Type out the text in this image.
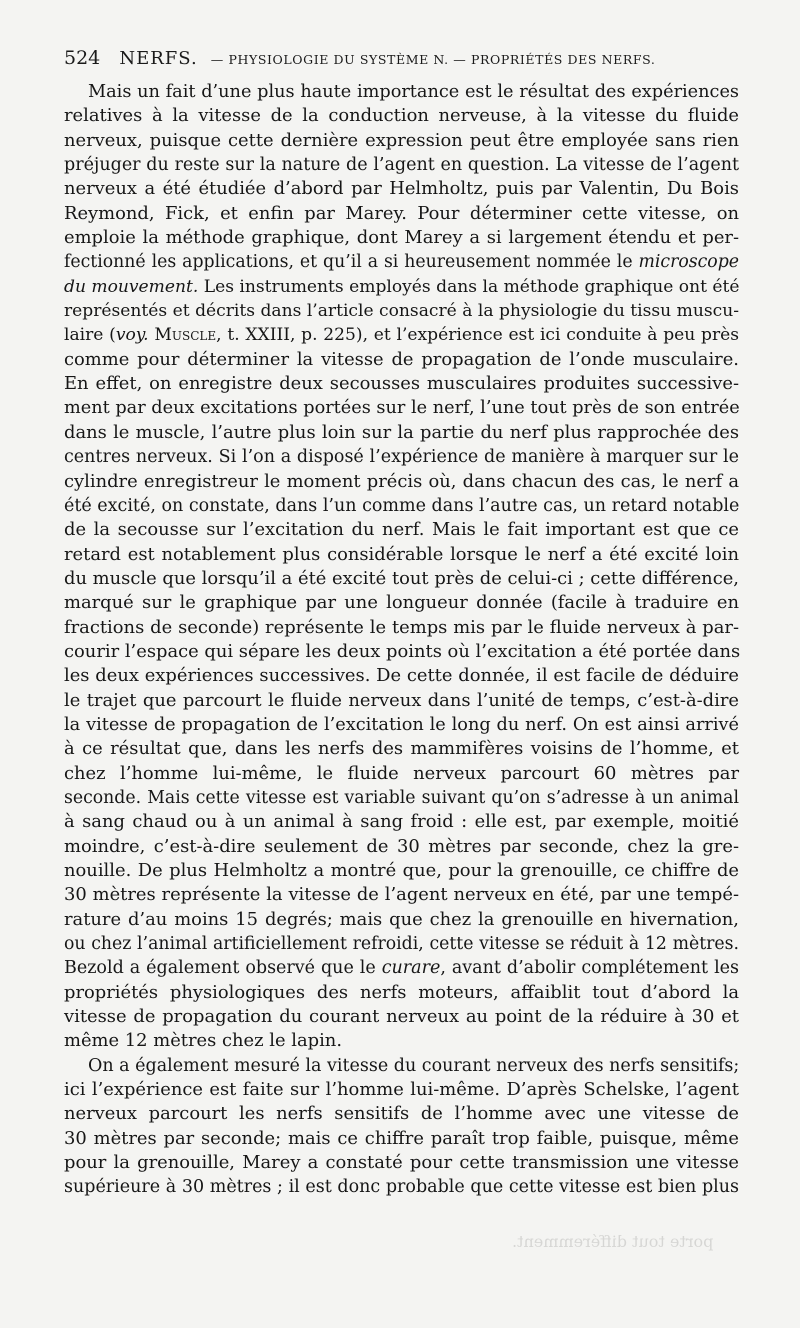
524 NERFS. — PHYSIOLOGIE DU SYSTÈME N. — PROPRIÉTÉS DES NERFS.
Mais un fait d’une plus haute importance est le résultat des expériences
relatives à la vitesse de la conduction nerveuse, à la vitesse du fluide
nerveux, puisque cette dernière expression peut être employée sans rien
préjuger du reste sur la nature de l’agent en question. La vitesse de l’agent
nerveux a été étudiée d’abord par Helmholtz, puis par Valentin, Du Bois
Reymond, Fick, et enfin par Marey. Pour déterminer cette vitesse, on
emploie la méthode graphique, dont Marey a si largement étendu et per-
fectionné les applications, et qu’il a si heureusement nommée le microscope
du mouvement. Les instruments employés dans la méthode graphique ont été
représentés et décrits dans l’article consacré à la physiologie du tissu muscu-
laire (voy. Muscle, t. XXIII, p. 225), et l’expérience est ici conduite à peu près
comme pour déterminer la vitesse de propagation de l’onde musculaire.
En effet, on enregistre deux secousses musculaires produites successive-
ment par deux excitations portées sur le nerf, l’une tout près de son entrée
dans le muscle, l’autre plus loin sur la partie du nerf plus rapprochée des
centres nerveux. Si l’on a disposé l’expérience de manière à marquer sur le
cylindre enregistreur le moment précis où, dans chacun des cas, le nerf a
été excité, on constate, dans l’un comme dans l’autre cas, un retard notable
de la secousse sur l’excitation du nerf. Mais le fait important est que ce
retard est notablement plus considérable lorsque le nerf a été excité loin
du muscle que lorsqu’il a été excité tout près de celui-ci ; cette différence,
marqué sur le graphique par une longueur donnée (facile à traduire en
fractions de seconde) représente le temps mis par le fluide nerveux à par-
courir l’espace qui sépare les deux points où l’excitation a été portée dans
les deux expériences successives. De cette donnée, il est facile de déduire
le trajet que parcourt le fluide nerveux dans l’unité de temps, c’est-à-dire
la vitesse de propagation de l’excitation le long du nerf. On est ainsi arrivé
à ce résultat que, dans les nerfs des mammifères voisins de l’homme, et
chez l’homme lui-même, le fluide nerveux parcourt 60 mètres par
seconde. Mais cette vitesse est variable suivant qu’on s’adresse à un animal
à sang chaud ou à un animal à sang froid : elle est, par exemple, moitié
moindre, c’est-à-dire seulement de 30 mètres par seconde, chez la gre-
nouille. De plus Helmholtz a montré que, pour la grenouille, ce chiffre de
30 mètres représente la vitesse de l’agent nerveux en été, par une tempé-
rature d’au moins 15 degrés; mais que chez la grenouille en hivernation,
ou chez l’animal artificiellement refroidi, cette vitesse se réduit à 12 mètres.
Bezold a également observé que le curare, avant d’abolir complétement les
propriétés physiologiques des nerfs moteurs, affaiblit tout d’abord la
vitesse de propagation du courant nerveux au point de la réduire à 30 et
même 12 mètres chez le lapin.
On a également mesuré la vitesse du courant nerveux des nerfs sensitifs;
ici l’expérience est faite sur l’homme lui-même. D’après Schelske, l’agent
nerveux parcourt les nerfs sensitifs de l’homme avec une vitesse de
30 mètres par seconde; mais ce chiffre paraît trop faible, puisque, même
pour la grenouille, Marey a constaté pour cette transmission une vitesse
supérieure à 30 mètres ; il est donc probable que cette vitesse est bien plus
porte tout différemment.
